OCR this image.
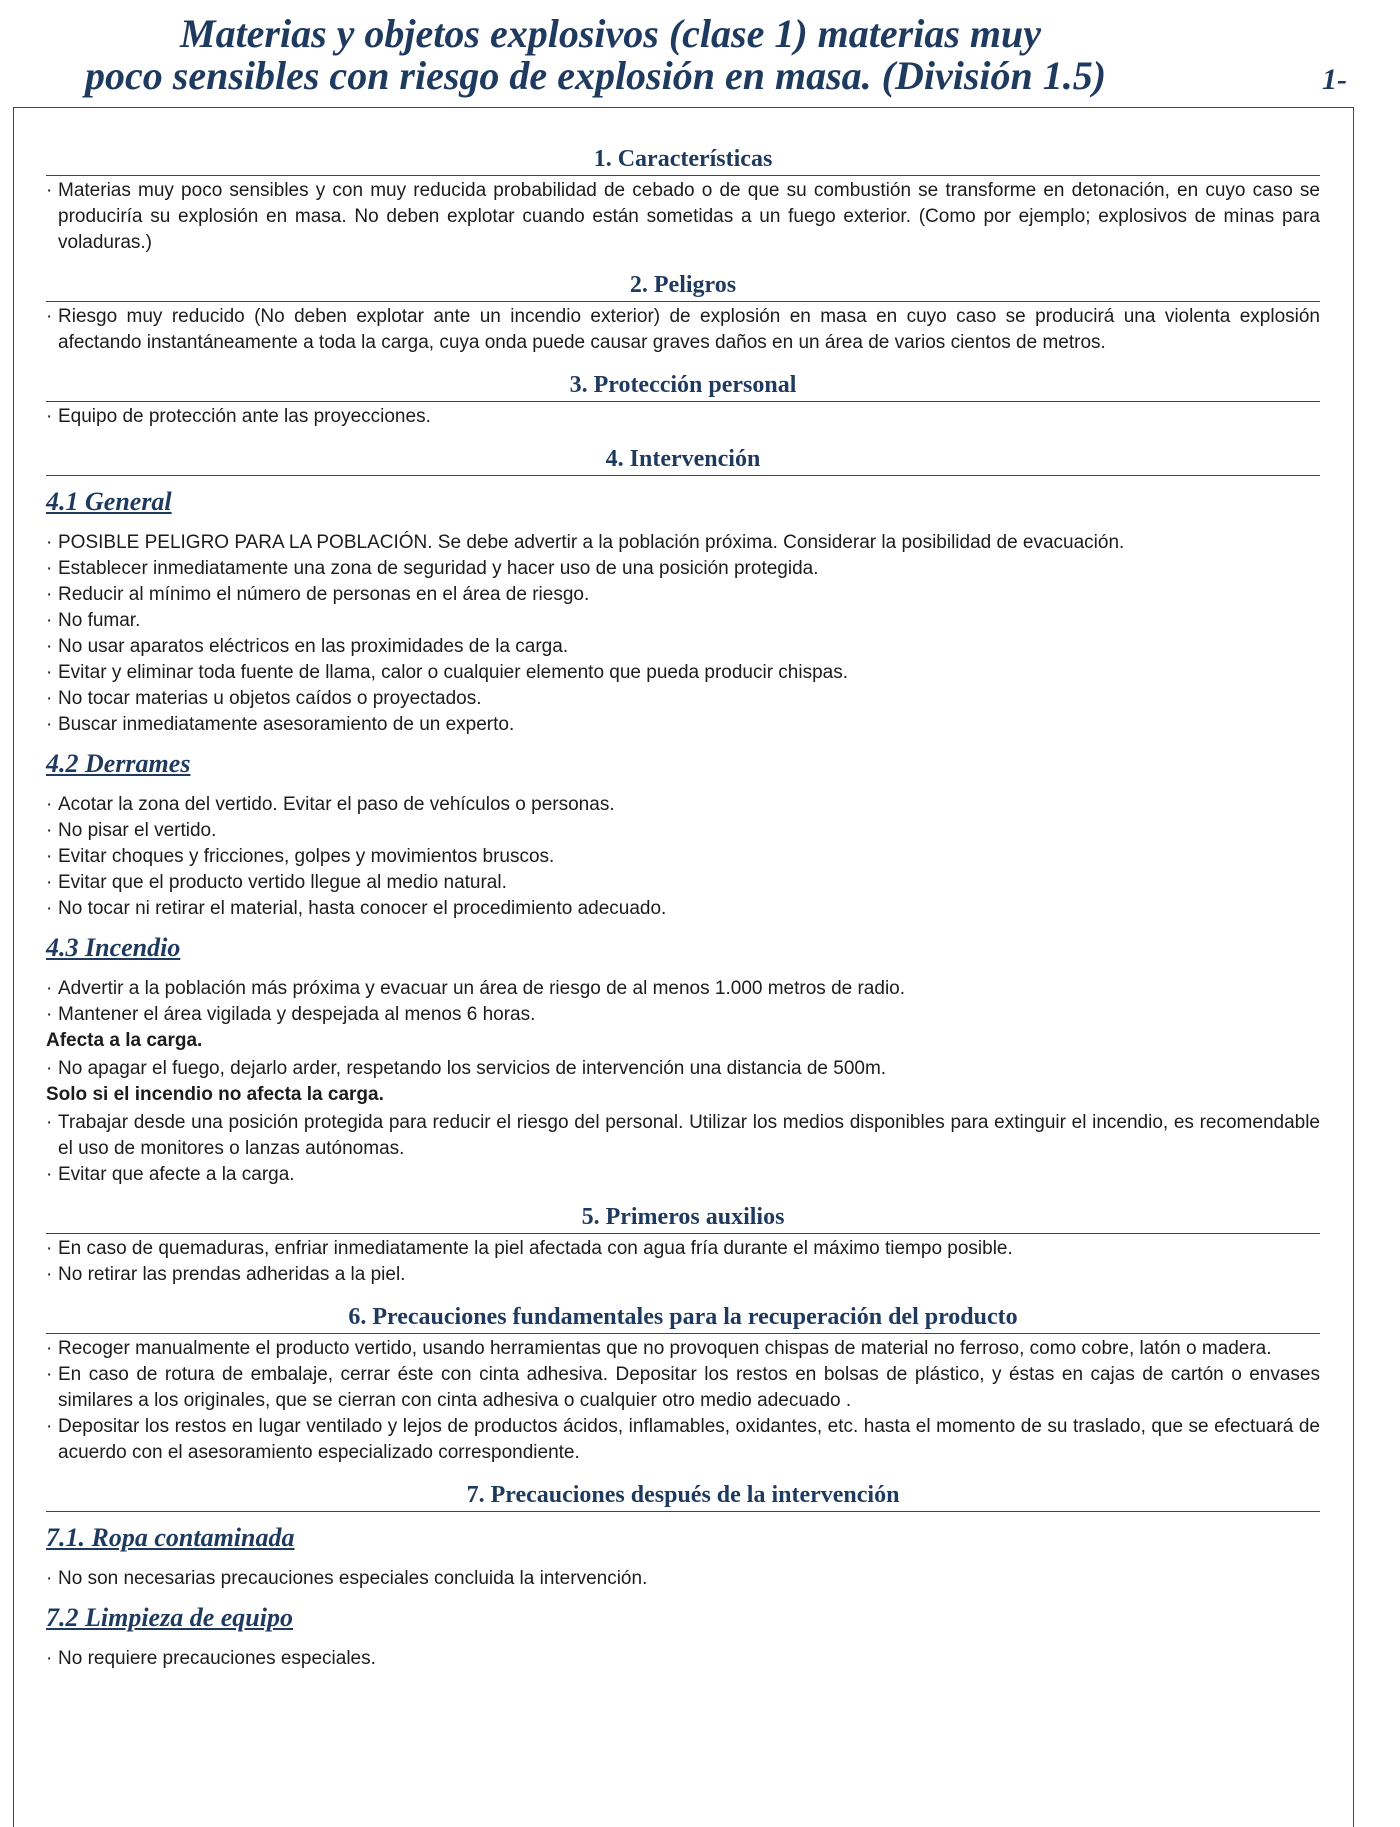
Materias y objetos explosivos (clase 1) materias muy
poco sensibles con riesgo de explosión en masa. (División 1.5)	1-
1. Características
· Materias muy poco sensibles y con muy reducida probabilidad de cebado o de que su combustión se transforme en detonación, en cuyo caso se produciría su explosión en masa. No deben explotar cuando están sometidas a un fuego exterior. (Como por ejemplo; explosivos de minas para voladuras.)
2. Peligros
· Riesgo muy reducido (No deben explotar ante un incendio exterior) de explosión en masa en cuyo caso se producirá una violenta explosión afectando instantáneamente a toda la carga, cuya onda puede causar graves daños en un área de varios cientos de metros.
3. Protección personal
· Equipo de protección ante las proyecciones.
4. Intervención
4.1 General
· POSIBLE PELIGRO PARA LA POBLACIÓN. Se debe advertir a la población próxima. Considerar la posibilidad de evacuación.
· Establecer inmediatamente una zona de seguridad y hacer uso de una posición protegida.
· Reducir al mínimo el número de personas en el área de riesgo.
· No fumar.
· No usar aparatos eléctricos en las proximidades de la carga.
· Evitar y eliminar toda fuente de llama, calor o cualquier elemento que pueda producir chispas.
· No tocar materias u objetos caídos o proyectados.
· Buscar inmediatamente asesoramiento de un experto.
4.2 Derrames
· Acotar la zona del vertido. Evitar el paso de vehículos o personas.
· No pisar el vertido.
· Evitar choques y fricciones, golpes y movimientos bruscos.
· Evitar que el producto vertido llegue al medio natural.
· No tocar ni retirar el material, hasta conocer el procedimiento adecuado.
4.3 Incendio
· Advertir a la población más próxima y evacuar un área de riesgo de al menos 1.000 metros de radio.
· Mantener el área vigilada y despejada al menos 6 horas.
Afecta a la carga.
· No apagar el fuego, dejarlo arder, respetando los servicios de intervención una distancia de 500m.
Solo si el incendio no afecta la carga.
· Trabajar desde una posición protegida para reducir el riesgo del personal. Utilizar los medios disponibles para extinguir el incendio, es recomendable el uso de monitores o lanzas autónomas.
· Evitar que afecte a la carga.
5. Primeros auxilios
· En caso de quemaduras, enfriar inmediatamente la piel afectada con agua fría durante el máximo tiempo posible.
· No retirar las prendas adheridas a la piel.
6. Precauciones fundamentales para la recuperación del producto
· Recoger manualmente el producto vertido, usando herramientas que no provoquen chispas de material no ferroso, como cobre, latón o madera.
· En caso de rotura de embalaje, cerrar éste con cinta adhesiva. Depositar los restos en bolsas de plástico, y éstas en cajas de cartón o envases similares a los originales, que se cierran con cinta adhesiva o cualquier otro medio adecuado .
· Depositar los restos en lugar ventilado y lejos de productos ácidos, inflamables, oxidantes, etc. hasta el momento de su traslado, que se efectuará de acuerdo con el asesoramiento especializado correspondiente.
7. Precauciones después de la intervención
7.1. Ropa contaminada
· No son necesarias precauciones especiales concluida la intervención.
7.2 Limpieza de equipo
· No requiere precauciones especiales.
